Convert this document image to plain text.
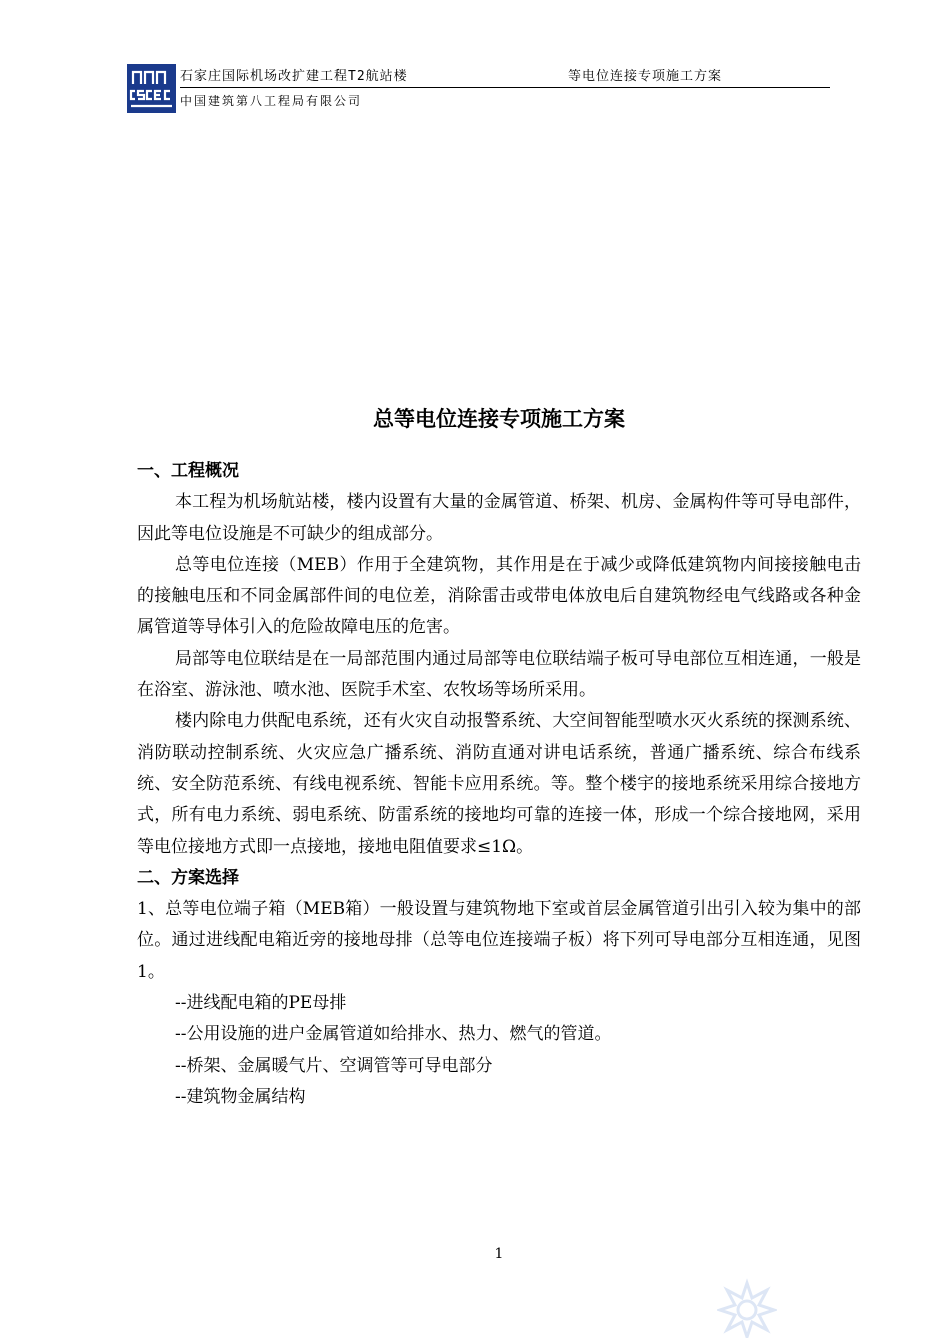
石家庄国际机场改扩建工程T2航站楼	等电位连接专项施工方案
中国建筑第八工程局有限公司
总等电位连接专项施工方案

一、工程概况

本工程为机场航站楼，楼内设置有大量的金属管道、桥架、机房、金属构件等可导电部件，因此等电位设施是不可缺少的组成部分。

总等电位连接（MEB）作用于全建筑物，其作用是在于减少或降低建筑物内间接接触电击的接触电压和不同金属部件间的电位差，消除雷击或带电体放电后自建筑物经电气线路或各种金属管道等导体引入的危险故障电压的危害。

局部等电位联结是在一局部范围内通过局部等电位联结端子板可导电部位互相连通，一般是在浴室、游泳池、喷水池、医院手术室、农牧场等场所采用。

楼内除电力供配电系统，还有火灾自动报警系统、大空间智能型喷水灭火系统的探测系统、消防联动控制系统、火灾应急广播系统、消防直通对讲电话系统，普通广播系统、综合布线系统、安全防范系统、有线电视系统、智能卡应用系统。等。整个楼宇的接地系统采用综合接地方式，所有电力系统、弱电系统、防雷系统的接地均可靠的连接一体，形成一个综合接地网，采用等电位接地方式即一点接地，接地电阻值要求≤1Ω。

二、方案选择

1、总等电位端子箱（MEB箱）一般设置与建筑物地下室或首层金属管道引出引入较为集中的部位。通过进线配电箱近旁的接地母排（总等电位连接端子板）将下列可导电部分互相连通，见图1。

--进线配电箱的PE母排

--公用设施的进户金属管道如给排水、热力、燃气的管道。

--桥架、金属暖气片、空调管等可导电部分

--建筑物金属结构

1
